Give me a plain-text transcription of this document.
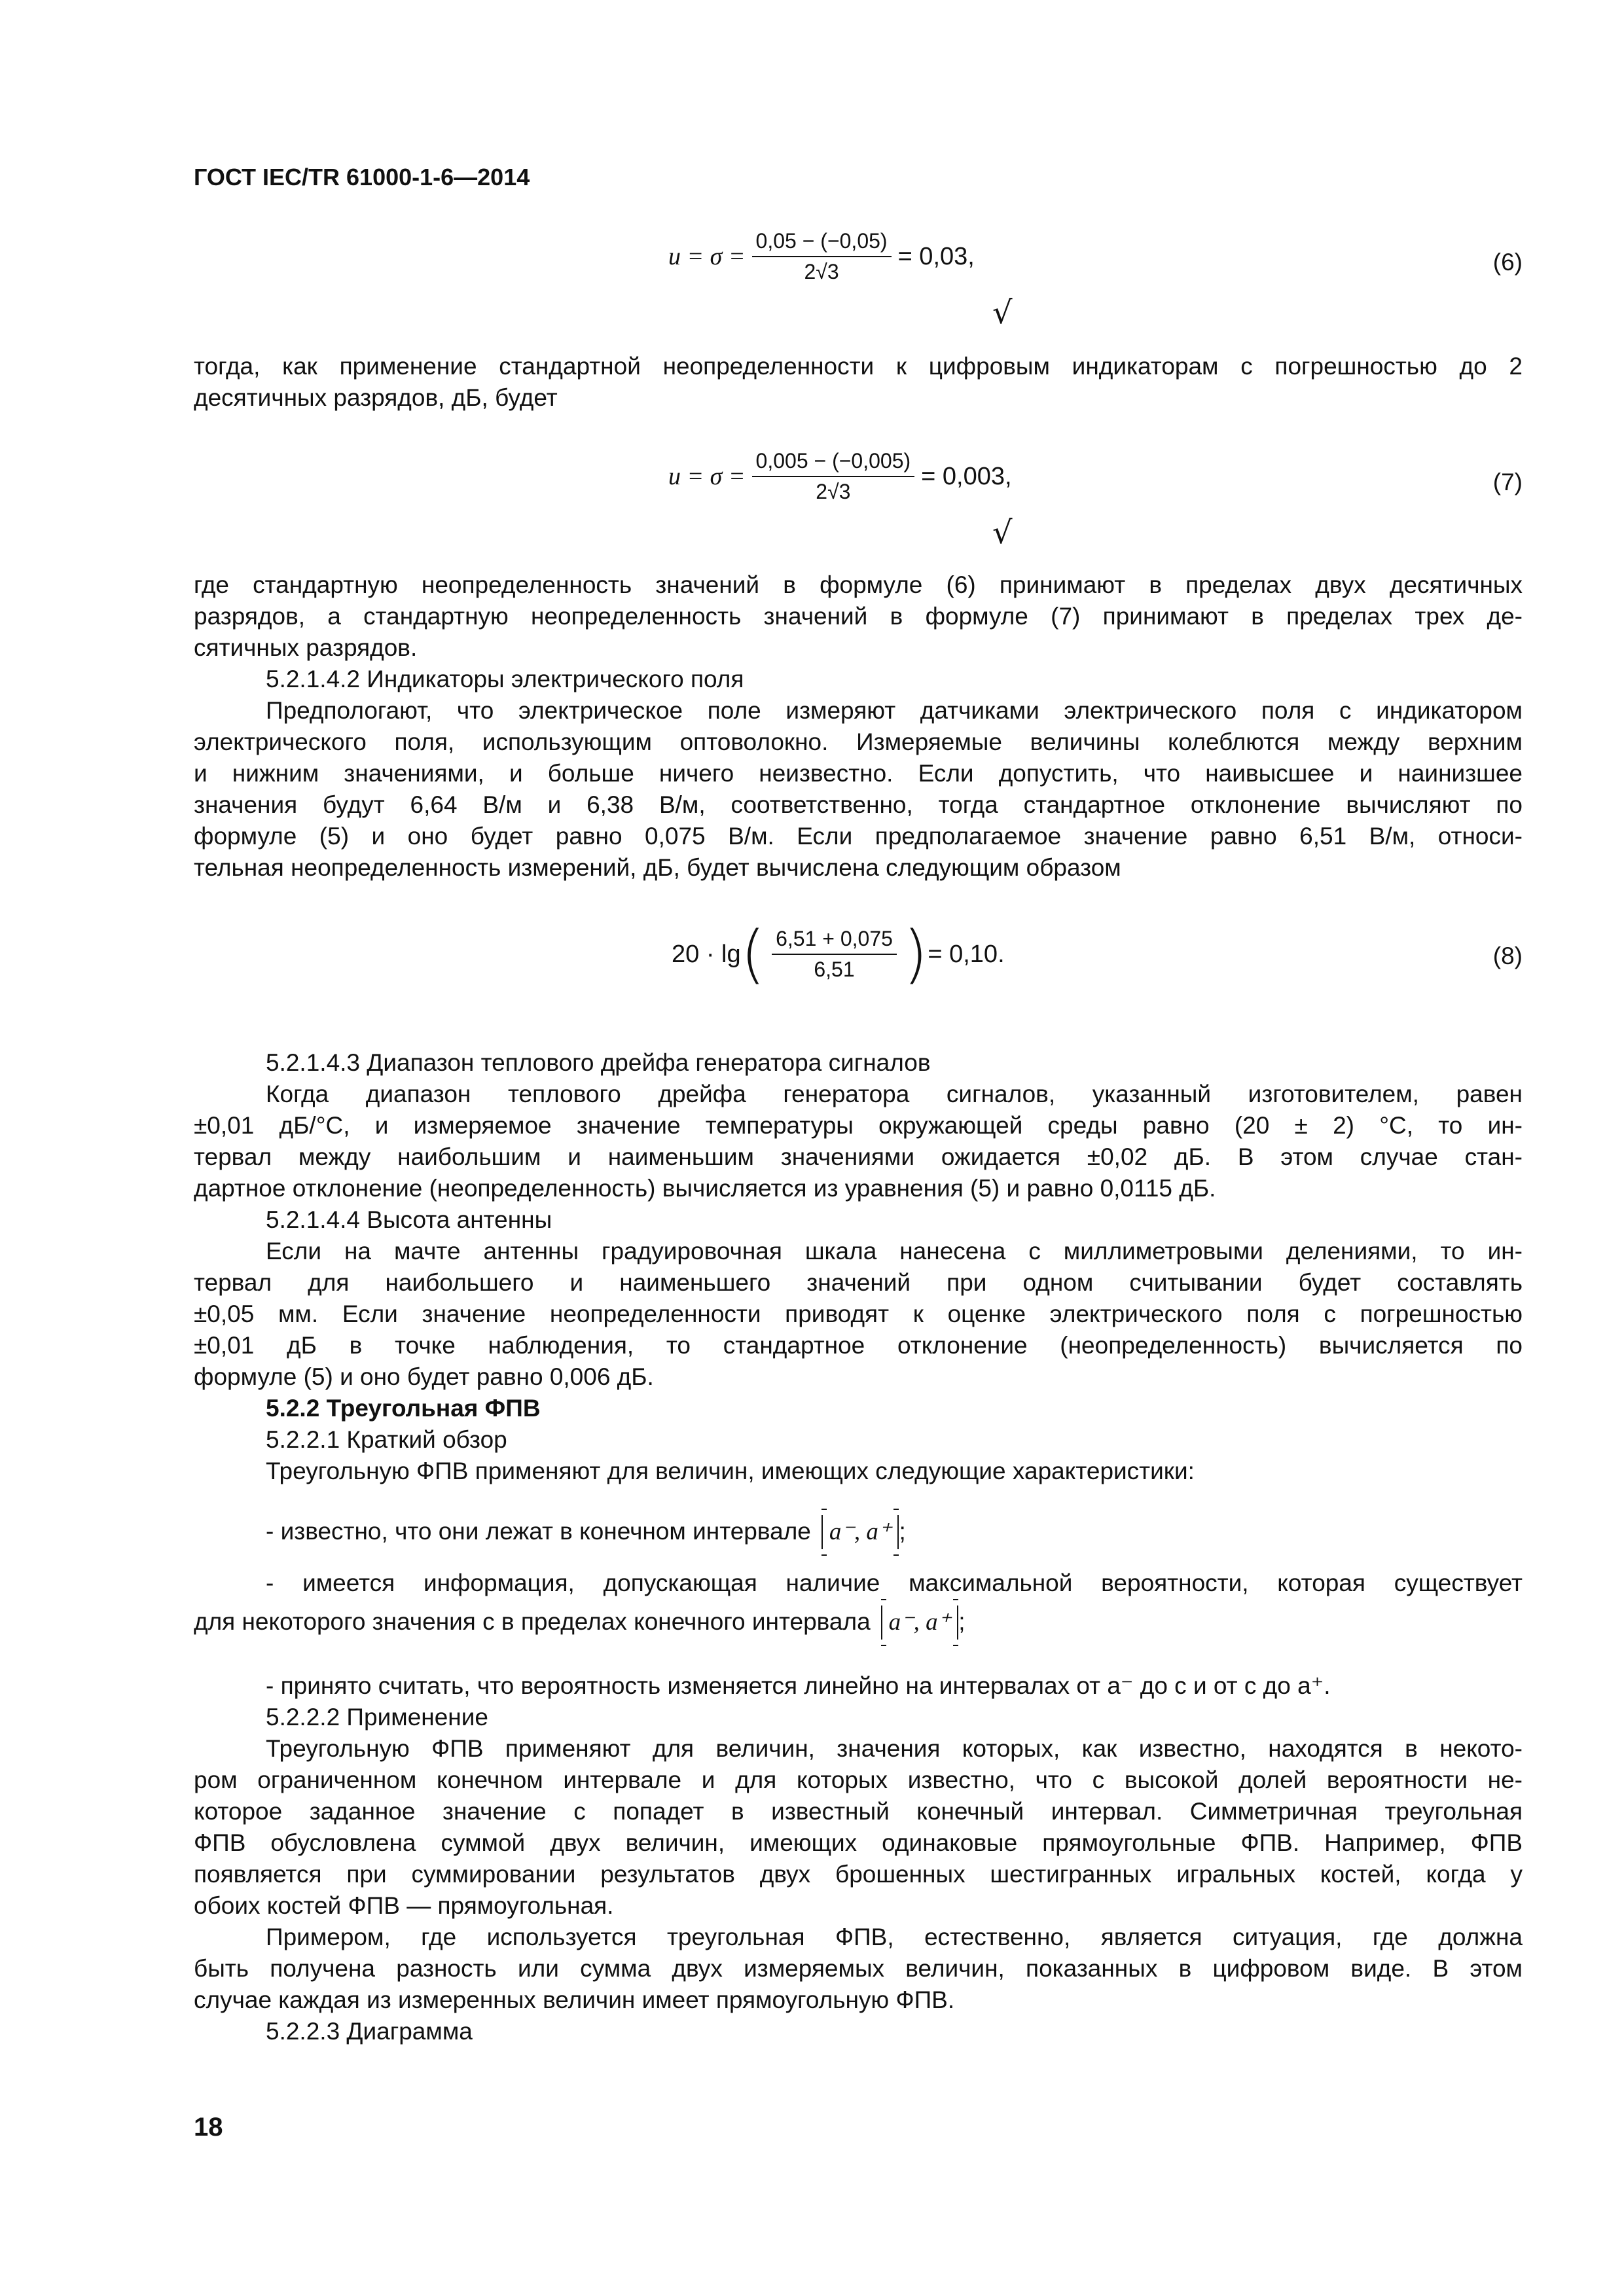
ГОСТ IEC/TR 61000-1-6—2014
$u = \sigma = \frac{0,05 - (-0,05)}{2√3} = 0,03$,
√
(6)

тогда, как применение стандартной неопределенности к цифровым индикаторам с погрешностью до 2

десятичных разрядов, дБ, будет

$u = \sigma = \frac{0,005 - (-0,005)}{2√3} = 0,003$,
√
(7)

где стандартную неопределенность значений в формуле (6) принимают в пределах двух десятичных

разрядов, а стандартную неопределенность значений в формуле (7) принимают в пределах трех де-

сятичных разрядов.

5.2.1.4.2 Индикаторы электрического поля

Предпологают, что электрическое поле измеряют датчиками электрического поля с индикатором

электрического поля, использующим оптоволокно. Измеряемые величины колеблются между верхним

и нижним значениями, и больше ничего неизвестно. Если допустить, что наивысшее и наинизшее

значения будут 6,64 В/м и 6,38 В/м, соответственно, тогда стандартное отклонение вычисляют по

формуле (5) и оно будет равно 0,075 В/м. Если предполагаемое значение равно 6,51 В/м, относи-

тельная неопределенность измерений, дБ, будет вычислена следующим образом

20 · lg ( $\frac{6,51 + 0,075}{6,51}$ ) = 0,10.	(8)

5.2.1.4.3 Диапазон теплового дрейфа генератора сигналов

Когда диапазон теплового дрейфа генератора сигналов, указанный изготовителем, равен

±0,01 дБ/°C, и измеряемое значение температуры окружающей среды равно (20 ± 2) °C, то ин-

тервал между наибольшим и наименьшим значениями ожидается ±0,02 дБ. В этом случае стан-

дартное отклонение (неопределенность) вычисляется из уравнения (5) и равно 0,0115 дБ.

5.2.1.4.4 Высота антенны

Если на мачте антенны градуировочная шкала нанесена с миллиметровыми делениями, то ин-

тервал для наибольшего и наименьшего значений при одном считывании будет составлять

±0,05 мм. Если значение неопределенности приводят к оценке электрического поля с погрешностью

±0,01 дБ в точке наблюдения, то стандартное отклонение (неопределенность) вычисляется по

формуле (5) и оно будет равно 0,006 дБ.

5.2.2 Треугольная ФПВ

5.2.2.1 Краткий обзор

Треугольную ФПВ применяют для величин, имеющих следующие характеристики:

- известно, что они лежат в конечном интервале a⁻, a⁺ ;

- имеется информация, допускающая наличие максимальной вероятности, которая существует

для некоторого значения с в пределах конечного интервала a⁻, a⁺ ;

- принято считать, что вероятность изменяется линейно на интервалах от a⁻ до c и от c до a⁺.

5.2.2.2 Применение

Треугольную ФПВ применяют для величин, значения которых, как известно, находятся в некото-

ром ограниченном конечном интервале и для которых известно, что с высокой долей вероятности не-

которое заданное значение c попадет в известный конечный интервал. Симметричная треугольная

ФПВ обусловлена суммой двух величин, имеющих одинаковые прямоугольные ФПВ. Например, ФПВ

появляется при суммировании результатов двух брошенных шестигранных игральных костей, когда у

обоих костей ФПВ — прямоугольная.

Примером, где используется треугольная ФПВ, естественно, является ситуация, где должна

быть получена разность или сумма двух измеряемых величин, показанных в цифровом виде. В этом

случае каждая из измеренных величин имеет прямоугольную ФПВ.

5.2.2.3 Диаграмма

18
